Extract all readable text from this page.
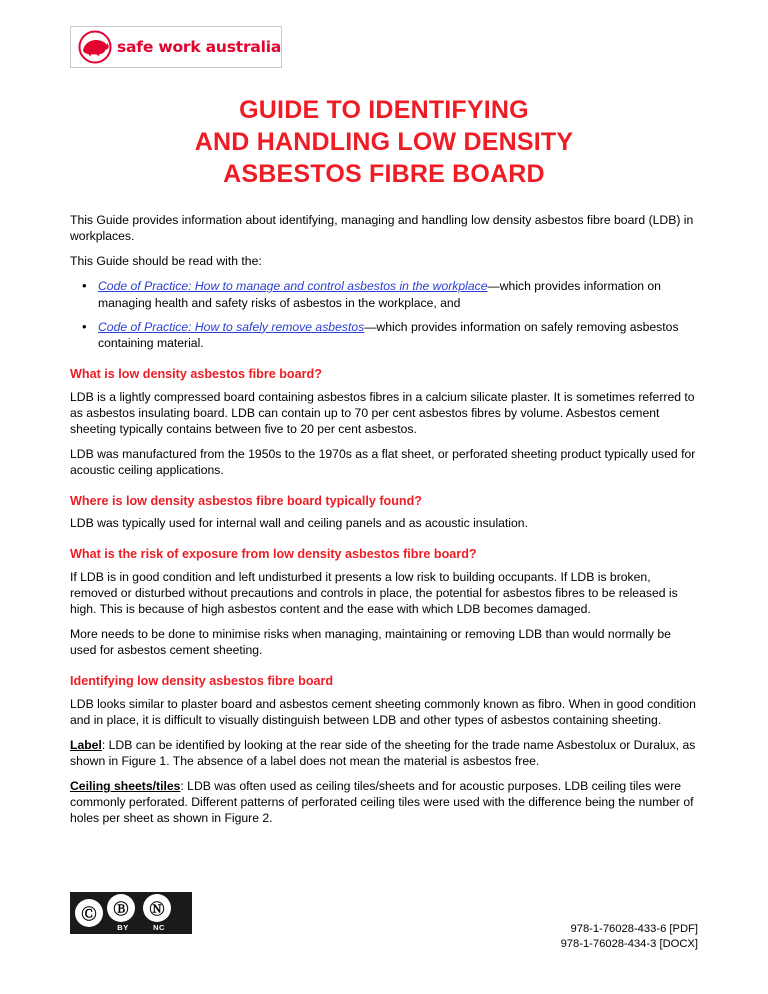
safe work australia
GUIDE TO IDENTIFYING
AND HANDLING LOW DENSITY
ASBESTOS FIBRE BOARD

This Guide provides information about identifying, managing and handling low density asbestos fibre board (LDB) in workplaces.

This Guide should be read with the:

• Code of Practice: How to manage and control asbestos in the workplace—which provides information on managing health and safety risks of asbestos in the workplace, and
• Code of Practice: How to safely remove asbestos—which provides information on safely removing asbestos containing material.
What is low density asbestos fibre board?

LDB is a lightly compressed board containing asbestos fibres in a calcium silicate plaster. It is sometimes referred to as asbestos insulating board. LDB can contain up to 70 per cent asbestos fibres by volume. Asbestos cement sheeting typically contains between five to 20 per cent asbestos.

LDB was manufactured from the 1950s to the 1970s as a flat sheet, or perforated sheeting product typically used for acoustic ceiling applications.

Where is low density asbestos fibre board typically found?

LDB was typically used for internal wall and ceiling panels and as acoustic insulation.

What is the risk of exposure from low density asbestos fibre board?

If LDB is in good condition and left undisturbed it presents a low risk to building occupants. If LDB is broken, removed or disturbed without precautions and controls in place, the potential for asbestos fibres to be released is high. This is because of high asbestos content and the ease with which LDB becomes damaged.

More needs to be done to minimise risks when managing, maintaining or removing LDB than would normally be used for asbestos cement sheeting.

Identifying low density asbestos fibre board

LDB looks similar to plaster board and asbestos cement sheeting commonly known as fibro. When in good condition and in place, it is difficult to visually distinguish between LDB and other types of asbestos containing sheeting.

Label: LDB can be identified by looking at the rear side of the sheeting for the trade name Asbestolux or Duralux, as shown in Figure 1. The absence of a label does not mean the material is asbestos free.

Ceiling sheets/tiles: LDB was often used as ceiling tiles/sheets and for acoustic purposes. LDB ceiling tiles were commonly perforated. Different patterns of perforated ceiling tiles were used with the difference being the number of holes per sheet as shown in Figure 2.

Ⓒ	Ⓑ
BY
Ⓝ
NC	978-1-76028-433-6 [PDF]
978-1-76028-434-3 [DOCX]
